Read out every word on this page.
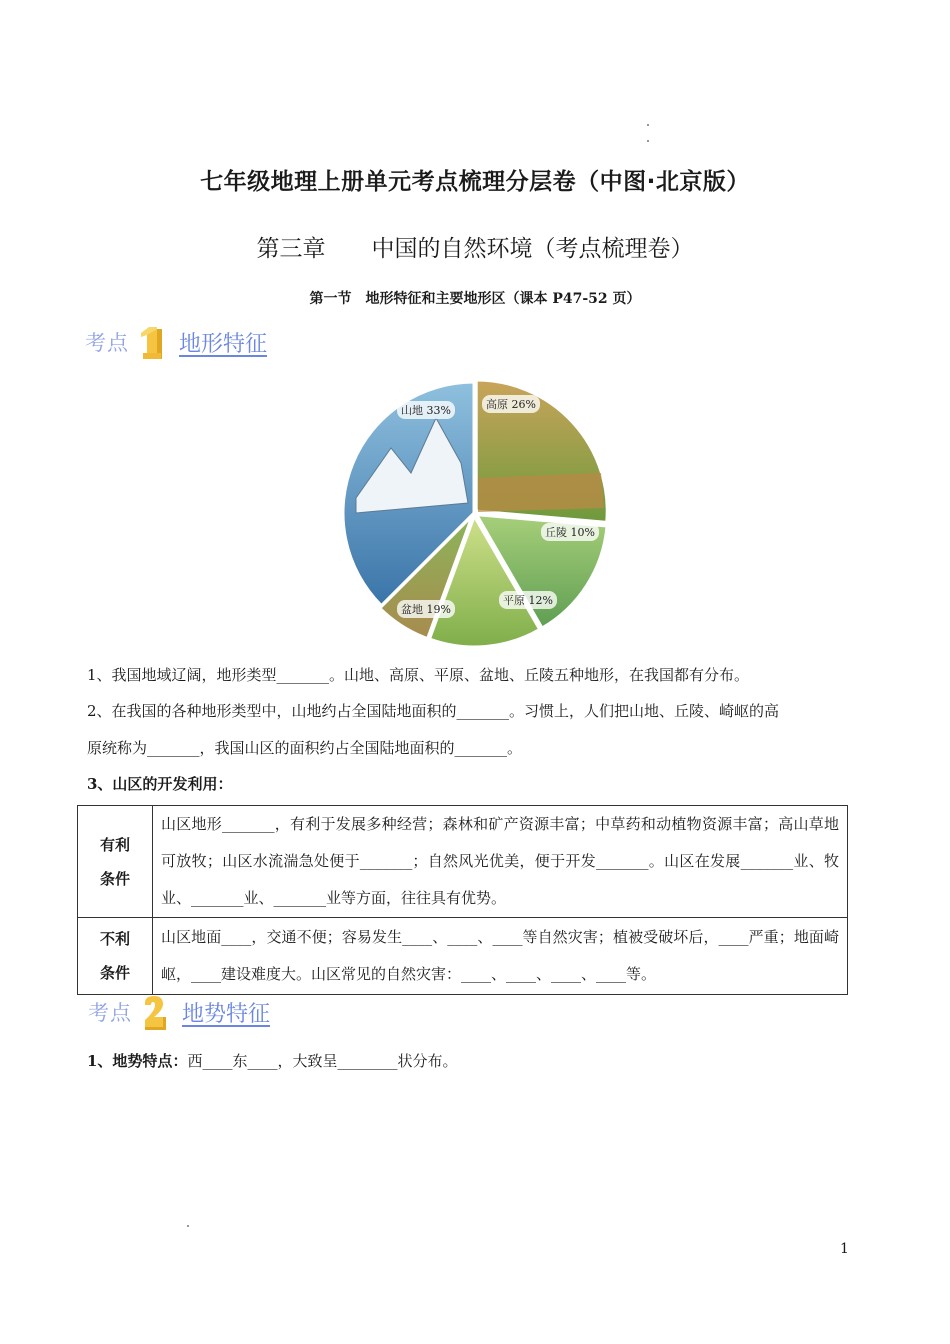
七年级地理上册单元考点梳理分层卷（中图·北京版）
第三章　　中国的自然环境（考点梳理卷）
第一节　地形特征和主要地形区（课本 P47-52 页）
考点 地形特征
山地 33%	高原 26%
丘陵 10%
平原 12%
盆地 19%
1、我国地域辽阔，地形类型_______。山地、高原、平原、盆地、丘陵五种地形，在我国都有分布。
2、在我国的各种地形类型中，山地约占全国陆地面积的_______。习惯上，人们把山地、丘陵、崎岖的高
原统称为_______，我国山区的面积约占全国陆地面积的_______。
3、山区的开发利用：
有利
条件	山区地形_______，有利于发展多种经营；森林和矿产资源丰富；中草药和动植物资源丰富；高山草地可放牧；山区水流湍急处便于_______；自然风光优美，便于开发_______。山区在发展_______业、牧业、_______业、_______业等方面，往往具有优势。

不利
条件	山区地面____，交通不便；容易发生____、____、____等自然灾害；植被受破坏后，____严重；地面崎岖，____建设难度大。山区常见的自然灾害：____、____、____、____等。
考点 地势特征
1、地势特点：西____东____，大致呈________状分布。
1
